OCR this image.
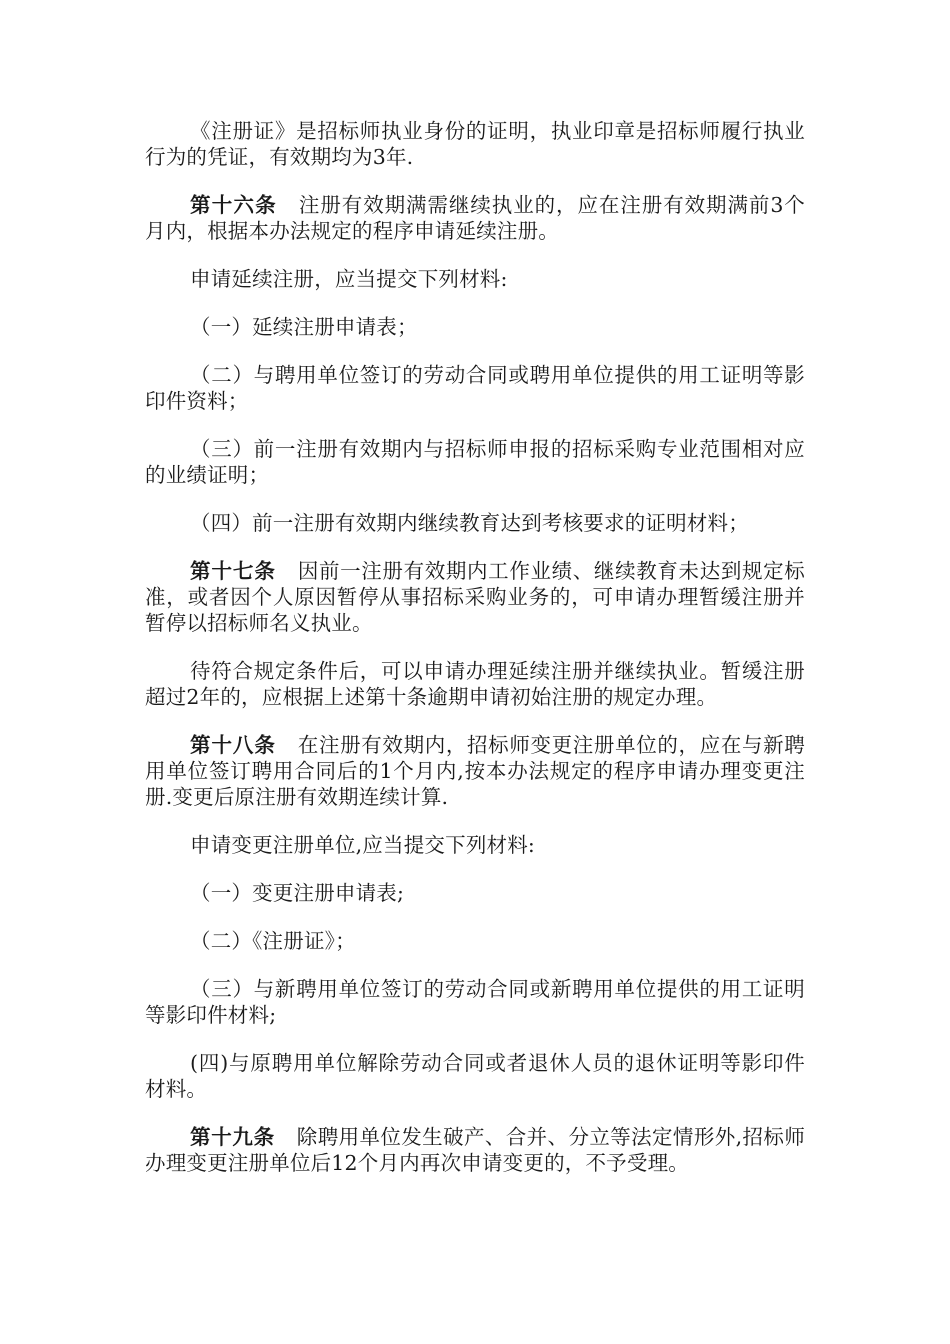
《注册证》是招标师执业身份的证明，执业印章是招标师履行执业行为的凭证，有效期均为3年.

第十六条 注册有效期满需继续执业的，应在注册有效期满前3个月内，根据本办法规定的程序申请延续注册。

申请延续注册，应当提交下列材料:

（一）延续注册申请表；

（二）与聘用单位签订的劳动合同或聘用单位提供的用工证明等影印件资料；

（三）前一注册有效期内与招标师申报的招标采购专业范围相对应的业绩证明；

（四）前一注册有效期内继续教育达到考核要求的证明材料；

第十七条 因前一注册有效期内工作业绩、继续教育未达到规定标准，或者因个人原因暂停从事招标采购业务的，可申请办理暂缓注册并暂停以招标师名义执业。

待符合规定条件后，可以申请办理延续注册并继续执业。暂缓注册超过2年的，应根据上述第十条逾期申请初始注册的规定办理。

第十八条 在注册有效期内，招标师变更注册单位的，应在与新聘用单位签订聘用合同后的1个月内,按本办法规定的程序申请办理变更注册.变更后原注册有效期连续计算.

申请变更注册单位,应当提交下列材料:

（一）变更注册申请表;

（二）《注册证》；

（三）与新聘用单位签订的劳动合同或新聘用单位提供的用工证明等影印件材料;

(四)与原聘用单位解除劳动合同或者退休人员的退休证明等影印件材料。

第十九条 除聘用单位发生破产、合并、分立等法定情形外,招标师办理变更注册单位后12个月内再次申请变更的，不予受理。
